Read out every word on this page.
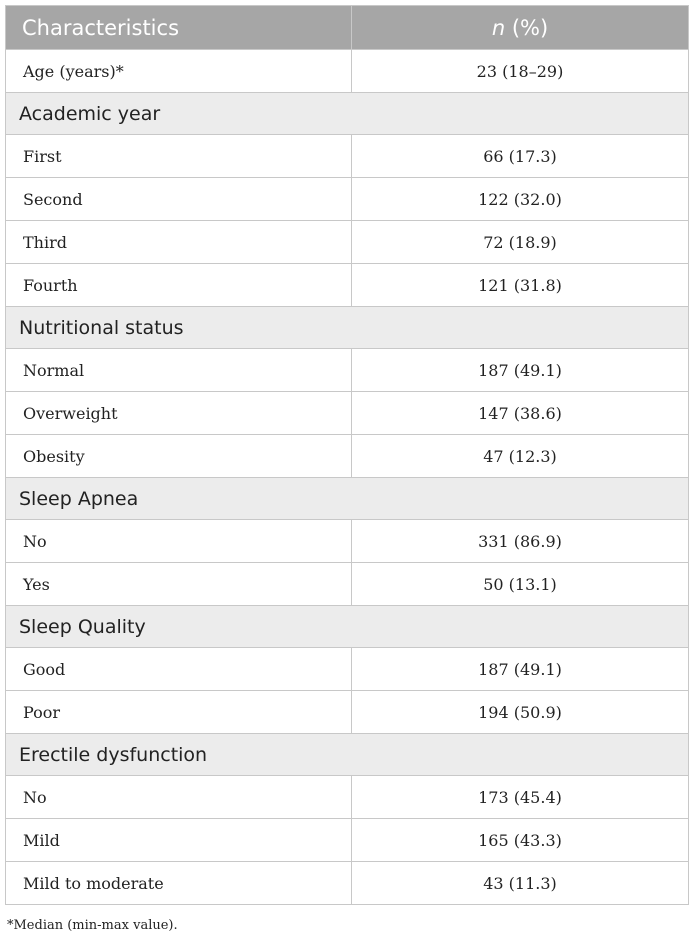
Characteristics	n (%)
Age (years)*	23 (18–29)
Academic year	
First	66 (17.3)
Second	122 (32.0)
Third	72 (18.9)
Fourth	121 (31.8)
Nutritional status	
Normal	187 (49.1)
Overweight	147 (38.6)
Obesity	47 (12.3)
Sleep Apnea	
No	331 (86.9)
Yes	50 (13.1)
Sleep Quality	
Good	187 (49.1)
Poor	194 (50.9)
Erectile dysfunction	
No	173 (45.4)
Mild	165 (43.3)
Mild to moderate	43 (11.3)
*Median (min-max value).
